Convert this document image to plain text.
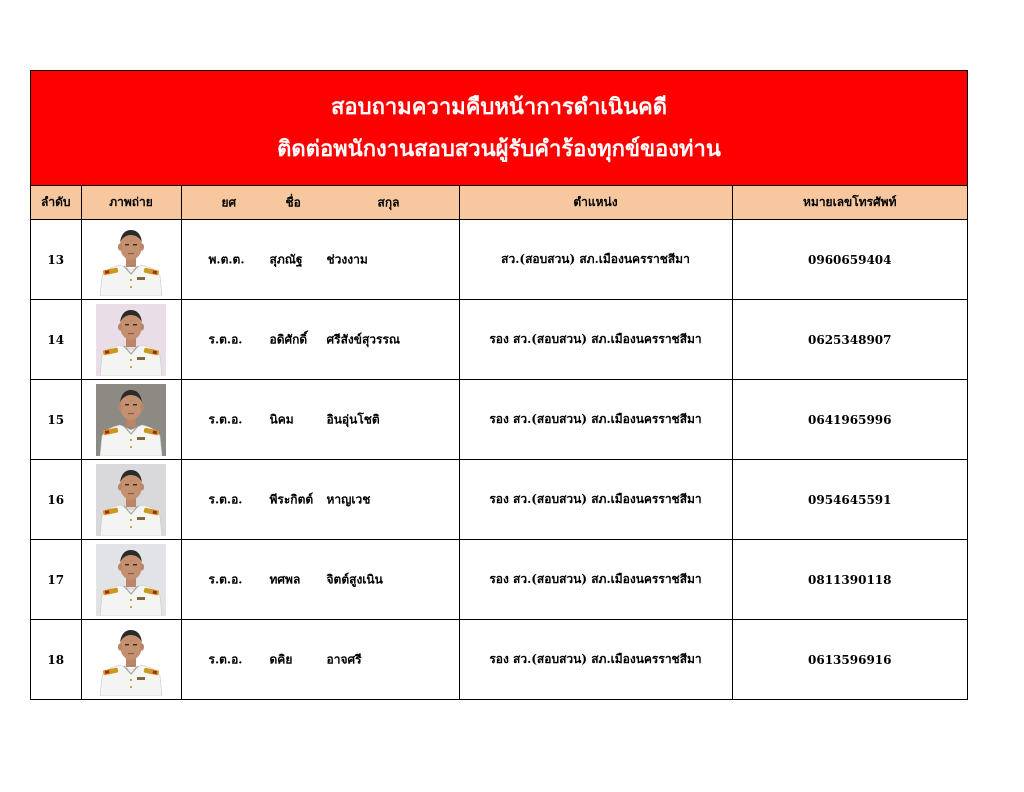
สอบถามความคืบหน้าการดำเนินคดี
ติดต่อพนักงานสอบสวนผู้รับคำร้องทุกข์ของท่าน
ลำดับ	ภาพถ่าย	ยศ ชื่อ สกุล	ตำแหน่ง	หมายเลขโทรศัพท์
13		พ.ต.ต. สุภณัฐ ช่วงงาม	สว.(สอบสวน) สภ.เมืองนครราชสีมา	0960659404
14		ร.ต.อ. อดิศักดิ์ ศรีสังข์สุวรรณ	รอง สว.(สอบสวน) สภ.เมืองนครราชสีมา	0625348907
15		ร.ต.อ. นิคม อินอุ่นโชติ	รอง สว.(สอบสวน) สภ.เมืองนครราชสีมา	0641965996
16		ร.ต.อ. พีระกิตต์ หาญเวช	รอง สว.(สอบสวน) สภ.เมืองนครราชสีมา	0954645591
17		ร.ต.อ. ทศพล จิตต์สูงเนิน	รอง สว.(สอบสวน) สภ.เมืองนครราชสีมา	0811390118
18		ร.ต.อ. ดคิย อาจศรี	รอง สว.(สอบสวน) สภ.เมืองนครราชสีมา	0613596916
